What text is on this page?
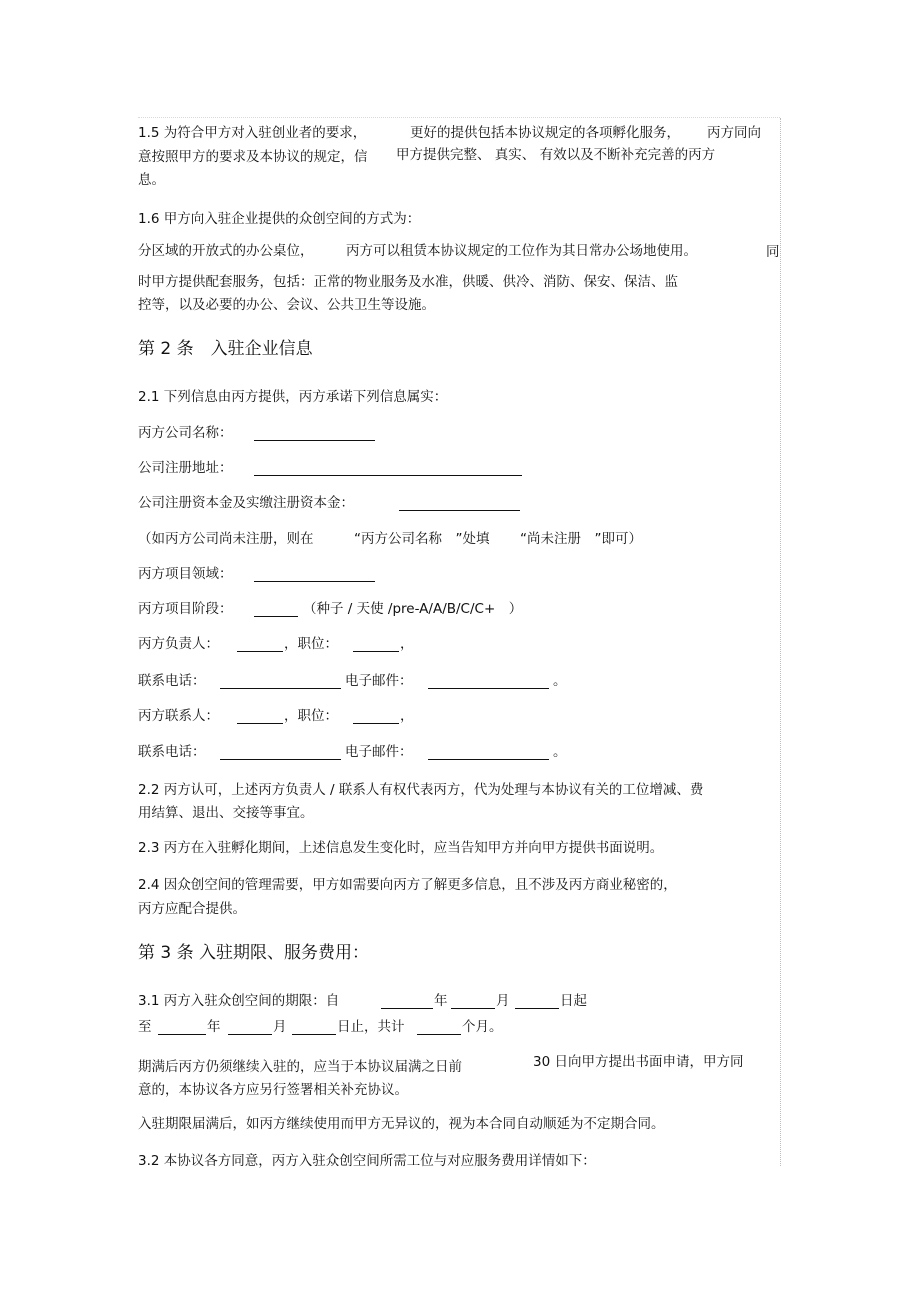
1.5 为符合甲方对入驻创业者的要求，	更好的提供包括本协议规定的各项孵化服务， 丙方同向
意按照甲方的要求及本协议的规定，信 甲方提供完整、 真实、 有效以及不断补充完善的丙方
息。
1.6 甲方向入驻企业提供的众创空间的方式为：
分区域的开放式的办公桌位， 丙方可以租赁本协议规定的工位作为其日常办公场地使用。	同
时甲方提供配套服务，包括：正常的物业服务及水准，供暖、供冷、消防、保安、保洁、监
控等，以及必要的办公、会议、公共卫生等设施。
第 2 条　入驻企业信息
2.1 下列信息由丙方提供，丙方承诺下列信息属实：
丙方公司名称：
公司注册地址：
公司注册资本金及实缴注册资本金：
（如丙方公司尚未注册，则在	“丙方公司名称　”处填 “尚未注册　”即可）
丙方项目领域：
丙方项目阶段：	（种子 / 天使 /pre-A/A/B/C/C+　）
丙方负责人：	，职位：	，
联系电话：	电子邮件：	。
丙方联系人：	，职位：	，
联系电话：	电子邮件：	。
2.2 丙方认可，上述丙方负责人 / 联系人有权代表丙方，代为处理与本协议有关的工位增减、费
用结算、退出、交接等事宜。
2.3 丙方在入驻孵化期间，上述信息发生变化时，应当告知甲方并向甲方提供书面说明。
2.4 因众创空间的管理需要，甲方如需要向丙方了解更多信息，且不涉及丙方商业秘密的，
丙方应配合提供。
第 3 条 入驻期限、服务费用：
3.1 丙方入驻众创空间的期限：自	年	月	日起
至	年	月	日止，共计	个月。
期满后丙方仍须继续入驻的，应当于本协议届满之日前	30 日向甲方提出书面申请，甲方同
意的，本协议各方应另行签署相关补充协议。
入驻期限届满后，如丙方继续使用而甲方无异议的，视为本合同自动顺延为不定期合同。
3.2 本协议各方同意，丙方入驻众创空间所需工位与对应服务费用详情如下：
